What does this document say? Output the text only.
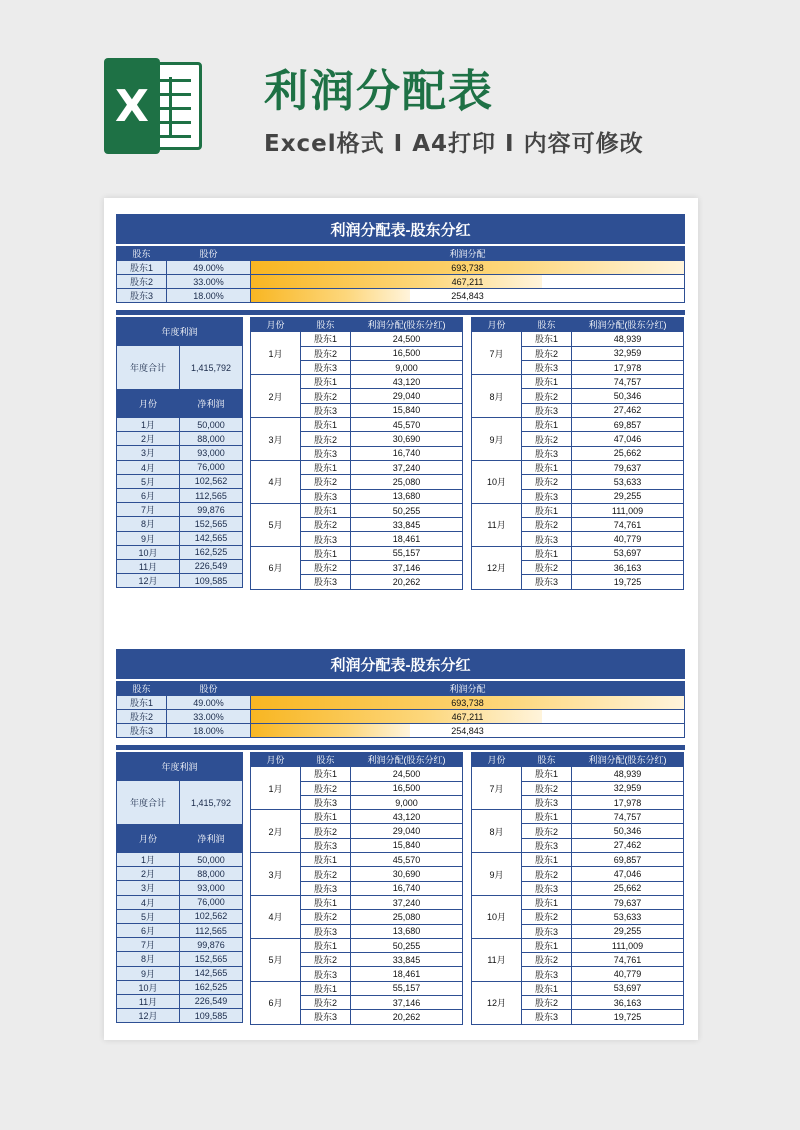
X	利润分配表
Excel格式 Ⅰ A4打印 Ⅰ 内容可修改
利润分配表-股东分红
股东	股份	利润分配
股东1	49.00%	693,738
股东2	33.00%	467,211
股东3	18.00%	254,843
年度利润	
年度合计	1,415,792
月份	净利润
1月	50,000
2月	88,000
3月	93,000
4月	76,000
5月	102,562
6月	112,565
7月	99,876
8月	152,565
9月	142,565
10月	162,525
11月	226,549
12月	109,585
月份	股东	利润分配(股东分红)
1月	股东1	24,500
	股东2	16,500
	股东3	9,000
2月	股东1	43,120
	股东2	29,040
	股东3	15,840
3月	股东1	45,570
	股东2	30,690
	股东3	16,740
4月	股东1	37,240
	股东2	25,080
	股东3	13,680
5月	股东1	50,255
	股东2	33,845
	股东3	18,461
6月	股东1	55,157
	股东2	37,146
	股东3	20,262
月份	股东	利润分配(股东分红)
7月	股东1	48,939
	股东2	32,959
	股东3	17,978
8月	股东1	74,757
	股东2	50,346
	股东3	27,462
9月	股东1	69,857
	股东2	47,046
	股东3	25,662
10月	股东1	79,637
	股东2	53,633
	股东3	29,255
11月	股东1	111,009
	股东2	74,761
	股东3	40,779
12月	股东1	53,697
	股东2	36,163
	股东3	19,725
利润分配表-股东分红
股东	股份	利润分配
股东1	49.00%	693,738
股东2	33.00%	467,211
股东3	18.00%	254,843
年度利润	
年度合计	1,415,792
月份	净利润
1月	50,000
2月	88,000
3月	93,000
4月	76,000
5月	102,562
6月	112,565
7月	99,876
8月	152,565
9月	142,565
10月	162,525
11月	226,549
12月	109,585
月份	股东	利润分配(股东分红)
1月	股东1	24,500
	股东2	16,500
	股东3	9,000
2月	股东1	43,120
	股东2	29,040
	股东3	15,840
3月	股东1	45,570
	股东2	30,690
	股东3	16,740
4月	股东1	37,240
	股东2	25,080
	股东3	13,680
5月	股东1	50,255
	股东2	33,845
	股东3	18,461
6月	股东1	55,157
	股东2	37,146
	股东3	20,262
月份	股东	利润分配(股东分红)
7月	股东1	48,939
	股东2	32,959
	股东3	17,978
8月	股东1	74,757
	股东2	50,346
	股东3	27,462
9月	股东1	69,857
	股东2	47,046
	股东3	25,662
10月	股东1	79,637
	股东2	53,633
	股东3	29,255
11月	股东1	111,009
	股东2	74,761
	股东3	40,779
12月	股东1	53,697
	股东2	36,163
	股东3	19,725
